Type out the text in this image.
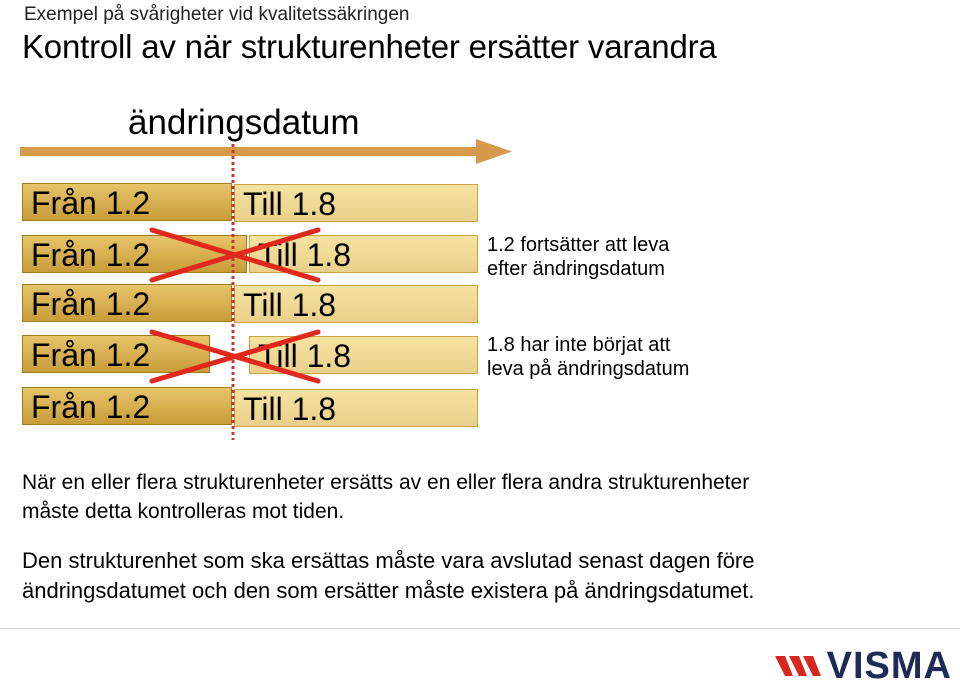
Exempel på svårigheter vid kvalitetssäkringen
Kontroll av när strukturenheter ersätter varandra
ändringsdatum
Från 1.2	Till 1.8
Från 1.2	Till 1.8
Från 1.2	Till 1.8
Från 1.2	Till 1.8
Från 1.2	Till 1.8
1.2 fortsätter att leva
efter ändringsdatum
1.8 har inte börjat att
leva på ändringsdatum
När en eller flera strukturenheter ersätts av en eller flera andra strukturenheter
måste detta kontrolleras mot tiden.
Den strukturenhet som ska ersättas måste vara avslutad senast dagen före
ändringsdatumet och den som ersätter måste existera på ändringsdatumet.
VISMA
